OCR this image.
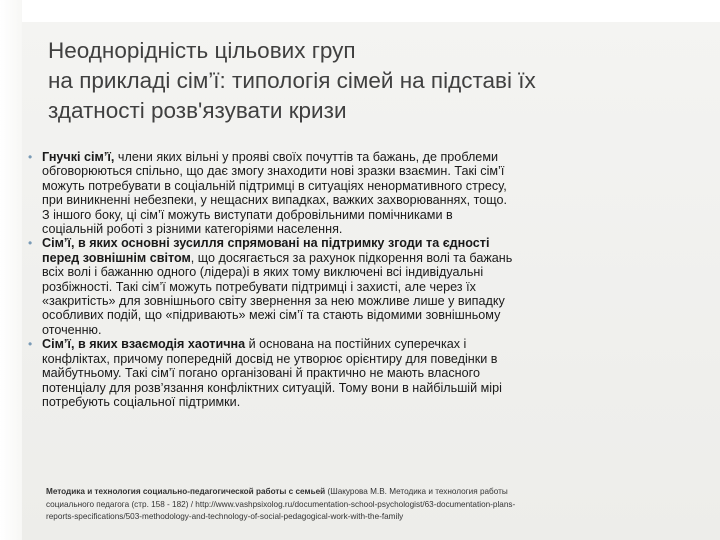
Неоднорідність цільових груп
на прикладі сім’ї: типологія сімей на підставі їх
здатності розв'язувати кризи
• Гнучкі сім’ї, члени яких вільні у прояві своїх почуттів та бажань, де проблеми
обговорюються спільно, що дає змогу знаходити нові зразки взаємин. Такі сім’ї
можуть потребувати в соціальній підтримці в ситуаціях ненормативного стресу,
при виникненні небезпеки, у нещасних випадках, важких захворюваннях, тощо.
З іншого боку, ці сім’ї можуть виступати добровільними помічниками в
соціальній роботі з різними категоріями населення.
• Сім’ї, в яких основні зусилля спрямовані на підтримку згоди та єдності
перед зовнішнім світом, що досягається за рахунок підкорення волі та бажань
всіх волі і бажанню одного (лідера)і в яких тому виключені всі індивідуальні
розбіжності. Такі сім’ї можуть потребувати підтримці і захисті, але через їх
«закритість» для зовнішнього світу звернення за нею можливе лише у випадку
особливих подій, що «підривають» межі сім’ї та стають відомими зовнішньому
оточенню.
• Сім’ї, в яких взаємодія хаотична й основана на постійних суперечках і
конфліктах, причому попередній досвід не утворює орієнтиру для поведінки в
майбутньому. Такі сім’ї погано організовані й практично не мають власного
потенціалу для розв’язання конфліктних ситуацій. Тому вони в найбільшій мірі
потребують соціальної підтримки.
Методика и технология социально-педагогической работы с семьей (Шакурова М.В. Методика и технология работы
социального педагога (стр. 158 - 182) / http://www.vashpsixolog.ru/documentation-school-psychologist/63-documentation-plans-
reports-specifications/503-methodology-and-technology-of-social-pedagogical-work-with-the-family
